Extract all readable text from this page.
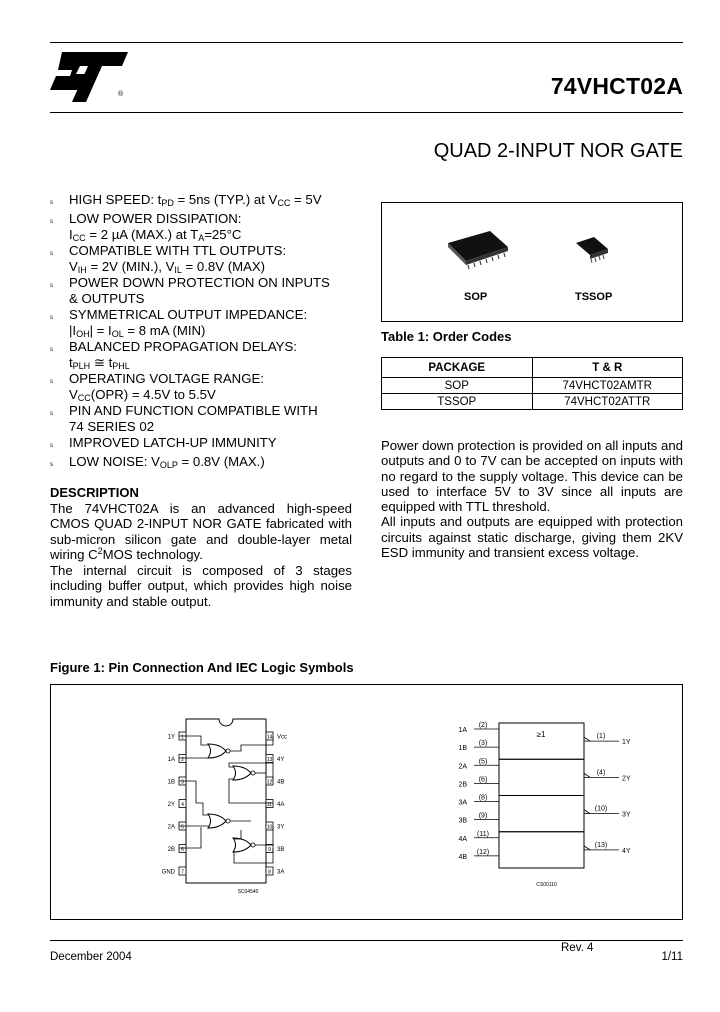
®	74VHCT02A
QUAD 2-INPUT NOR GATE
s	HIGH SPEED: $t_{PD} = 5ns$ (TYP.) at $V_{CC} = 5V$
s	LOW POWER DISSIPATION:
$I_{CC} = 2$ µA (MAX.) at $T_A=25^\circ C$
s	COMPATIBLE WITH TTL OUTPUTS:
$V_{IH} = 2V$ (MIN.), $V_{IL} = 0.8V$ (MAX)
s	POWER DOWN PROTECTION ON INPUTS
& OUTPUTS
s	SYMMETRICAL OUTPUT IMPEDANCE:
$|I_{OH}| = I_{OL} = 8$ mA (MIN)
s	BALANCED PROPAGATION DELAYS:
$t_{PLH}$ ≅ $t_{PHL}$
s	OPERATING VOLTAGE RANGE:
$V_{CC}(OPR) = 4.5V$ to 5.5V
s	PIN AND FUNCTION COMPATIBLE WITH
74 SERIES 02
s	IMPROVED LATCH-UP IMMUNITY
s	LOW NOISE: $V_{OLP} = 0.8V$ (MAX.)
DESCRIPTION

The 74VHCT02A is an advanced high-speed CMOS QUAD 2-INPUT NOR GATE fabricated with sub-micron silicon gate and double-layer metal wiring $C^2MOS$ technology.

The internal circuit is composed of 3 stages including buffer output, which provides high noise immunity and stable output.

SOP	TSSOP
Table 1: Order Codes
PACKAGE	T & R
SOP	74VHCT02AMTR
TSSOP	74VHCT02ATTR

Power down protection is provided on all inputs and outputs and 0 to 7V can be accepted on inputs with no regard to the supply voltage. This device can be used to interface 5V to 3V since all inputs are equipped with TTL threshold.

All inputs and outputs are equipped with protection circuits against static discharge, giving them 2KV ESD immunity and transient excess voltage.

Figure 1: Pin Connection And IEC Logic Symbols
1	14
1Y	Vcc
2	13
1A	4Y
3	12
1B	4B
4	11
2Y	4A
5	10
2A	3Y
6	9
2B	3B
7	8
GND	3A
SC04540
≥1
1A
(2)
1B
(3)
2A
(5)
2B
(6)
3A
(8)
3B
(9)
4A
(11)
4B
(12)
(1)
1Y
(4)
2Y
(10)
3Y
(13)
4Y
CS00110
Rev. 4
December 2004	1/11
